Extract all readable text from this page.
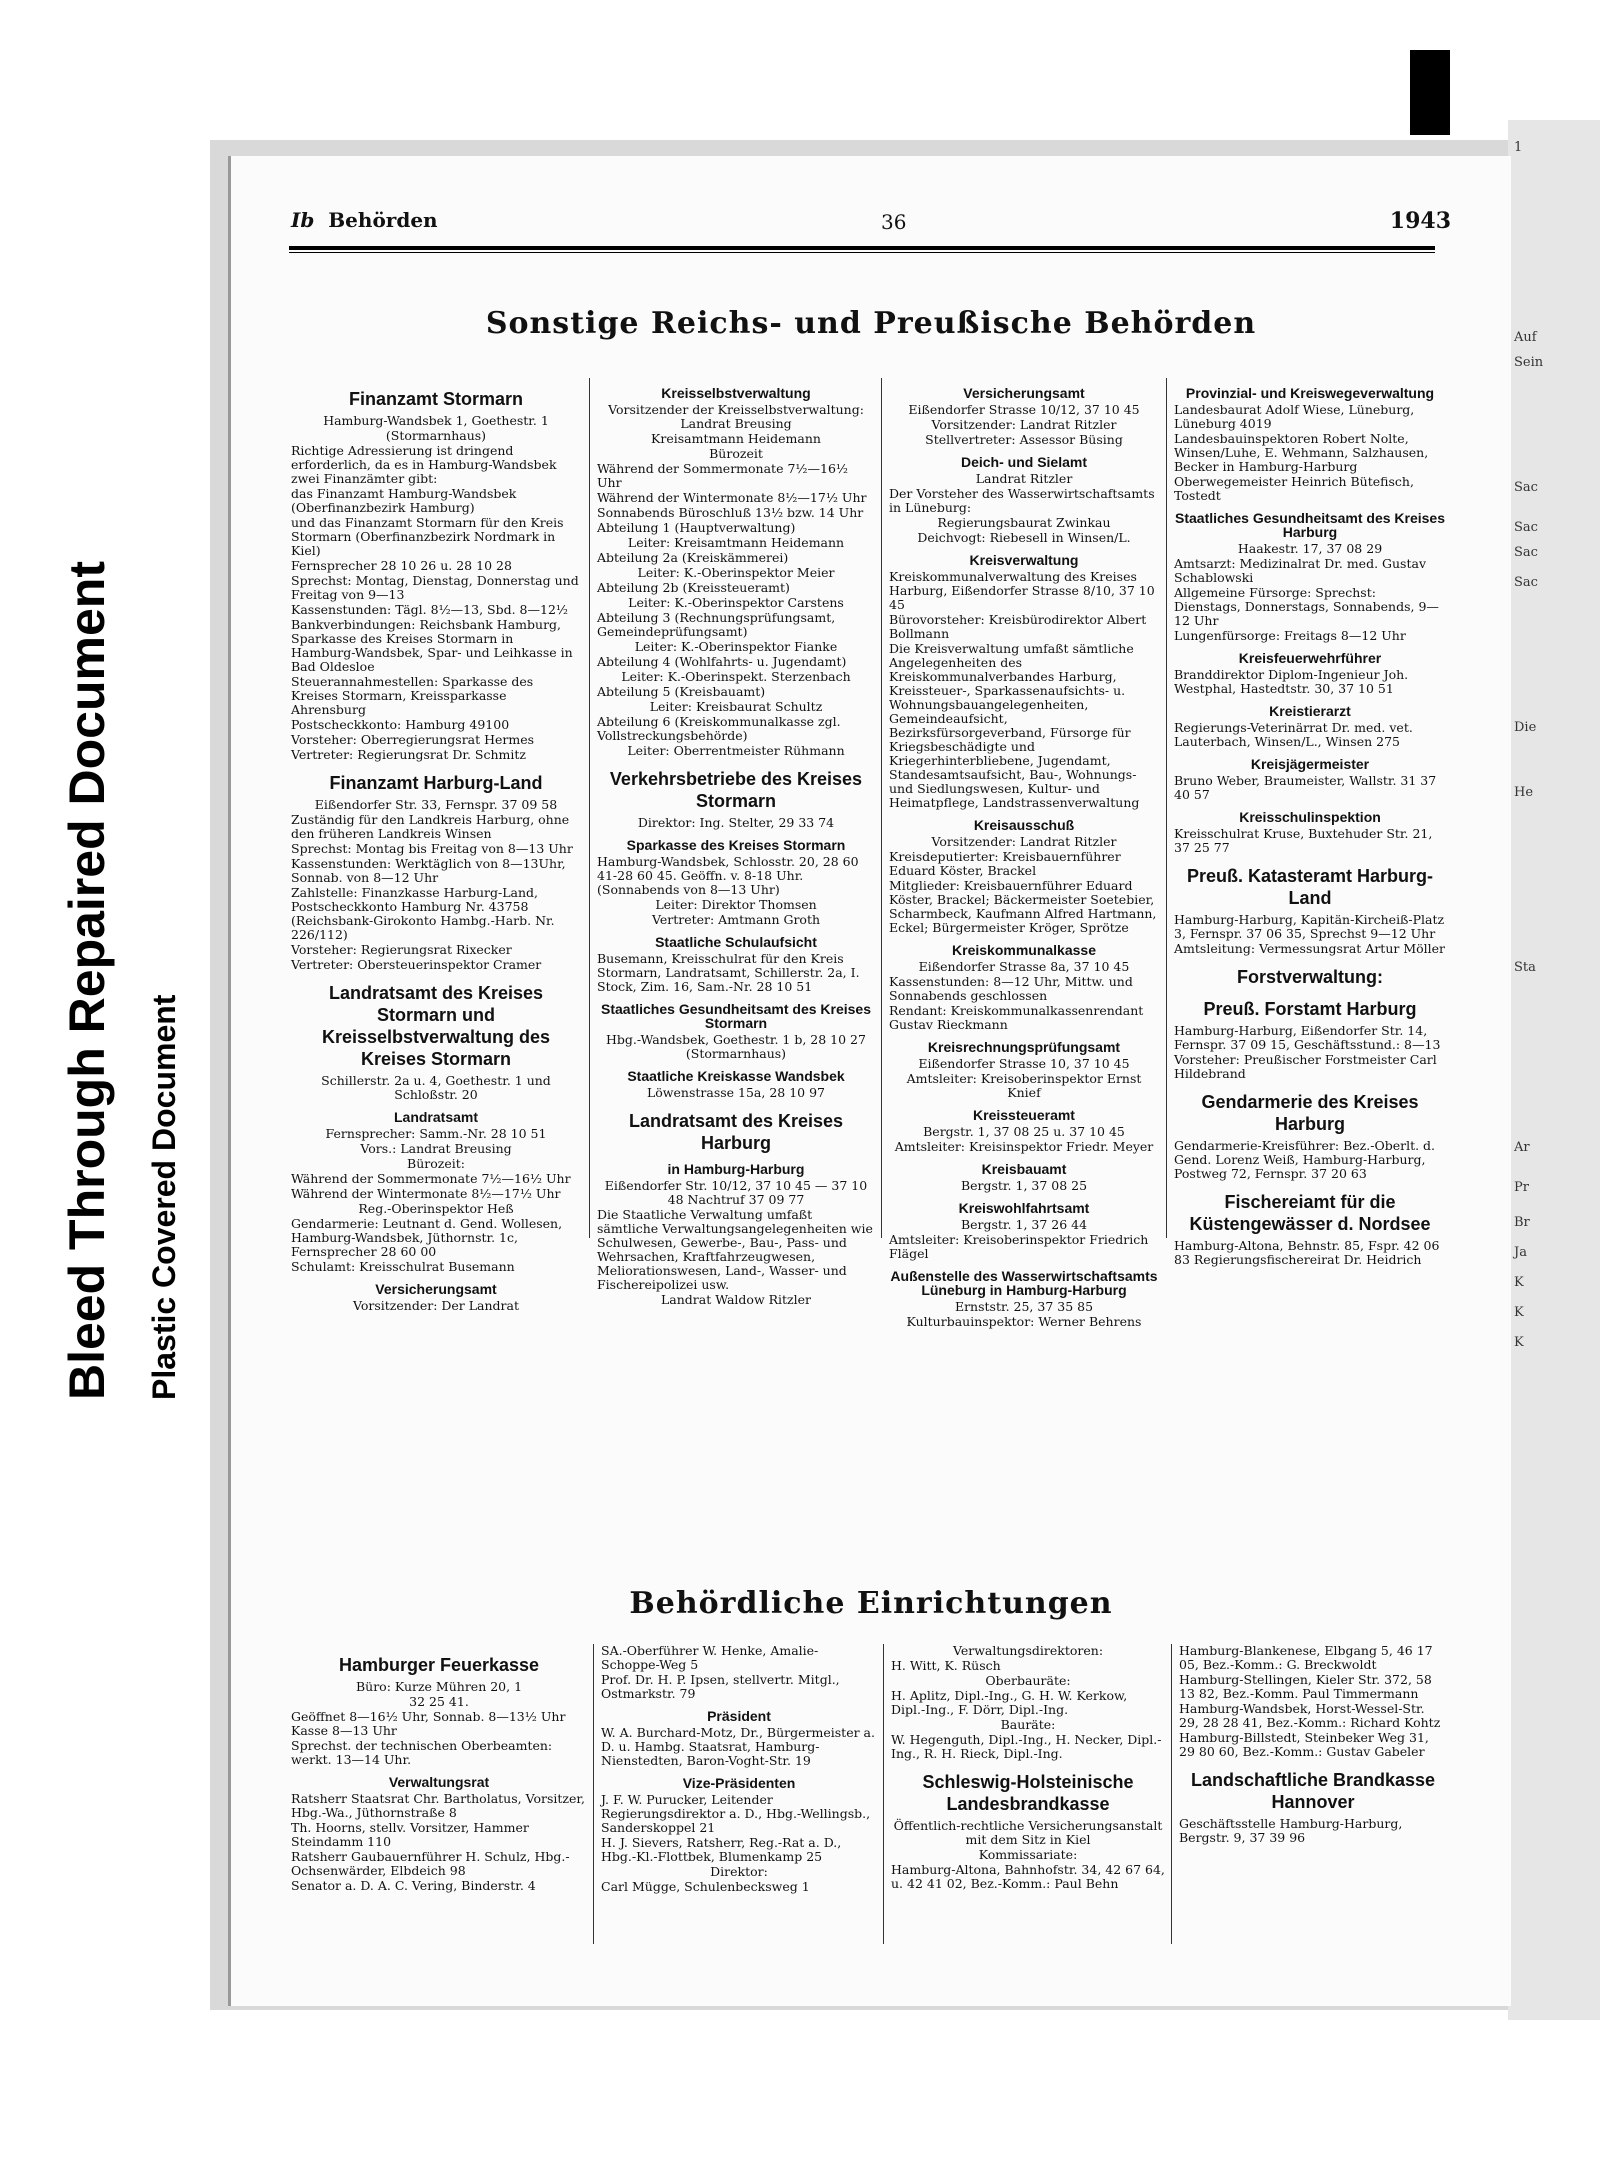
Bleed Through Repaired Document Plastic Covered Document
1
Auf
Sein
Sac
Sac
Sac
Sac
Die
He
Sta
Ar
Pr
Br
Ja
K
K
K
Ib Behörden	36	1943
Sonstige Reichs- und Preußische Behörden

Finanzamt Stormarn

Hamburg-Wandsbek 1, Goethestr. 1

(Stormarnhaus)

Richtige Adressierung ist dringend erforderlich, da es in Hamburg-Wandsbek zwei Finanzämter gibt:

das Finanzamt Hamburg-Wandsbek (Oberfinanzbezirk Hamburg)

und das Finanzamt Stormarn für den Kreis Stormarn (Oberfinanzbezirk Nordmark in Kiel)

Fernsprecher 28 10 26 u. 28 10 28

Sprechst: Montag, Dienstag, Donnerstag und Freitag von 9—13

Kassenstunden: Tägl. 8½—13, Sbd. 8—12½

Bankverbindungen: Reichsbank Hamburg, Sparkasse des Kreises Stormarn in Hamburg-Wandsbek, Spar- und Leihkasse in Bad Oldesloe

Steuerannahmestellen: Sparkasse des Kreises Stormarn, Kreissparkasse Ahrensburg

Postscheckkonto: Hamburg 49100

Vorsteher: Oberregierungsrat Hermes

Vertreter: Regierungsrat Dr. Schmitz

Finanzamt Harburg-Land

Eißendorfer Str. 33, Fernspr. 37 09 58

Zuständig für den Landkreis Harburg, ohne den früheren Landkreis Winsen

Sprechst: Montag bis Freitag von 8—13 Uhr

Kassenstunden: Werktäglich von 8—13Uhr, Sonnab. von 8—12 Uhr

Zahlstelle: Finanzkasse Harburg-Land, Postscheckkonto Hamburg Nr. 43758 (Reichsbank-Girokonto Hambg.-Harb. Nr. 226/112)

Vorsteher: Regierungsrat Rixecker

Vertreter: Obersteuerinspektor Cramer

Landratsamt des Kreises Stormarn und Kreisselbstverwaltung des Kreises Stormarn

Schillerstr. 2a u. 4, Goethestr. 1 und Schloßstr. 20

Landratsamt

Fernsprecher: Samm.-Nr. 28 10 51

Vors.: Landrat Breusing

Bürozeit:

Während der Sommermonate 7½—16½ Uhr

Während der Wintermonate 8½—17½ Uhr

Reg.-Oberinspektor Heß

Gendarmerie: Leutnant d. Gend. Wollesen, Hamburg-Wandsbek, Jüthornstr. 1c, Fernsprecher 28 60 00

Schulamt: Kreisschulrat Busemann

Versicherungsamt

Vorsitzender: Der Landrat

Kreisselbstverwaltung

Vorsitzender der Kreisselbstverwaltung: Landrat Breusing

Kreisamtmann Heidemann

Bürozeit

Während der Sommermonate 7½—16½ Uhr

Während der Wintermonate 8½—17½ Uhr

Sonnabends Büroschluß 13½ bzw. 14 Uhr

Abteilung 1 (Hauptverwaltung)

Leiter: Kreisamtmann Heidemann

Abteilung 2a (Kreiskämmerei)

Leiter: K.-Oberinspektor Meier

Abteilung 2b (Kreissteueramt)

Leiter: K.-Oberinspektor Carstens

Abteilung 3 (Rechnungsprüfungsamt, Gemeindeprüfungsamt)

Leiter: K.-Oberinspektor Fianke

Abteilung 4 (Wohlfahrts- u. Jugendamt)

Leiter: K.-Oberinspekt. Sterzenbach

Abteilung 5 (Kreisbauamt)

Leiter: Kreisbaurat Schultz

Abteilung 6 (Kreiskommunalkasse zgl. Vollstreckungsbehörde)

Leiter: Oberrentmeister Rühmann

Verkehrsbetriebe des Kreises Stormarn

Direktor: Ing. Stelter, 29 33 74

Sparkasse des Kreises Stormarn

Hamburg-Wandsbek, Schlosstr. 20, 28 60 41-28 60 45. Geöffn. v. 8-18 Uhr. (Sonnabends von 8—13 Uhr)

Leiter: Direktor Thomsen

Vertreter: Amtmann Groth

Staatliche Schulaufsicht

Busemann, Kreisschulrat für den Kreis Stormarn, Landratsamt, Schillerstr. 2a, I. Stock, Zim. 16, Sam.-Nr. 28 10 51

Staatliches Gesundheitsamt des Kreises Stormarn

Hbg.-Wandsbek, Goethestr. 1 b, 28 10 27 (Stormarnhaus)

Staatliche Kreiskasse Wandsbek

Löwenstrasse 15a, 28 10 97

Landratsamt des Kreises Harburg

in Hamburg-Harburg

Eißendorfer Str. 10/12, 37 10 45 — 37 10 48 Nachtruf 37 09 77

Die Staatliche Verwaltung umfaßt sämtliche Verwaltungsangelegenheiten wie Schulwesen, Gewerbe-, Bau-, Pass- und Wehrsachen, Kraftfahrzeugwesen, Meliorationswesen, Land-, Wasser- und Fischereipolizei usw.

Landrat Waldow Ritzler

Versicherungsamt

Eißendorfer Strasse 10/12, 37 10 45

Vorsitzender: Landrat Ritzler

Stellvertreter: Assessor Büsing

Deich- und Sielamt

Landrat Ritzler

Der Vorsteher des Wasserwirtschaftsamts in Lüneburg:

Regierungsbaurat Zwinkau

Deichvogt: Riebesell in Winsen/L.

Kreisverwaltung

Kreiskommunalverwaltung des Kreises Harburg, Eißendorfer Strasse 8/10, 37 10 45

Bürovorsteher: Kreisbürodirektor Albert Bollmann

Die Kreisverwaltung umfaßt sämtliche Angelegenheiten des Kreiskommunalverbandes Harburg, Kreissteuer-, Sparkassenaufsichts- u. Wohnungsbauangelegenheiten, Gemeindeaufsicht, Bezirksfürsorgeverband, Fürsorge für Kriegsbeschädigte und Kriegerhinterbliebene, Jugendamt, Standesamtsaufsicht, Bau-, Wohnungs- und Siedlungswesen, Kultur- und Heimatpflege, Landstrassenverwaltung

Kreisausschuß

Vorsitzender: Landrat Ritzler

Kreisdeputierter: Kreisbauernführer Eduard Köster, Brackel

Mitglieder: Kreisbauernführer Eduard Köster, Brackel; Bäckermeister Soetebier, Scharmbeck, Kaufmann Alfred Hartmann, Eckel; Bürgermeister Kröger, Sprötze

Kreiskommunalkasse

Eißendorfer Strasse 8a, 37 10 45

Kassenstunden: 8—12 Uhr, Mittw. und Sonnabends geschlossen

Rendant: Kreiskommunalkassenrendant Gustav Rieckmann

Kreisrechnungsprüfungsamt

Eißendorfer Strasse 10, 37 10 45

Amtsleiter: Kreisoberinspektor Ernst Knief

Kreissteueramt

Bergstr. 1, 37 08 25 u. 37 10 45

Amtsleiter: Kreisinspektor Friedr. Meyer

Kreisbauamt

Bergstr. 1, 37 08 25

Kreiswohlfahrtsamt

Bergstr. 1, 37 26 44

Amtsleiter: Kreisoberinspektor Friedrich Flägel

Außenstelle des Wasserwirtschaftsamts Lüneburg in Hamburg-Harburg

Ernststr. 25, 37 35 85

Kulturbauinspektor: Werner Behrens

Provinzial- und Kreiswegeverwaltung

Landesbaurat Adolf Wiese, Lüneburg, Lüneburg 4019

Landesbauinspektoren Robert Nolte, Winsen/Luhe, E. Wehmann, Salzhausen, Becker in Hamburg-Harburg

Oberwegemeister Heinrich Bütefisch, Tostedt

Staatliches Gesundheitsamt des Kreises Harburg

Haakestr. 17, 37 08 29

Amtsarzt: Medizinalrat Dr. med. Gustav Schablowski

Allgemeine Fürsorge: Sprechst: Dienstags, Donnerstags, Sonnabends, 9—12 Uhr

Lungenfürsorge: Freitags 8—12 Uhr

Kreisfeuerwehrführer

Branddirektor Diplom-Ingenieur Joh. Westphal, Hastedtstr. 30, 37 10 51

Kreistierarzt

Regierungs-Veterinärrat Dr. med. vet. Lauterbach, Winsen/L., Winsen 275

Kreisjägermeister

Bruno Weber, Braumeister, Wallstr. 31 37 40 57

Kreisschulinspektion

Kreisschulrat Kruse, Buxtehuder Str. 21, 37 25 77

Preuß. Katasteramt Harburg-Land

Hamburg-Harburg, Kapitän-Kircheiß-Platz 3, Fernspr. 37 06 35, Sprechst 9—12 Uhr

Amtsleitung: Vermessungsrat Artur Möller

Forstverwaltung:

Preuß. Forstamt Harburg

Hamburg-Harburg, Eißendorfer Str. 14, Fernspr. 37 09 15, Geschäftsstund.: 8—13

Vorsteher: Preußischer Forstmeister Carl Hildebrand

Gendarmerie des Kreises Harburg

Gendarmerie-Kreisführer: Bez.-Oberlt. d. Gend. Lorenz Weiß, Hamburg-Harburg, Postweg 72, Fernspr. 37 20 63

Fischereiamt für die Küstengewässer d. Nordsee

Hamburg-Altona, Behnstr. 85, Fspr. 42 06 83 Regierungsfischereirat Dr. Heidrich

Behördliche Einrichtungen

Hamburger Feuerkasse

Büro: Kurze Mühren 20, 1

32 25 41.

Geöffnet 8—16½ Uhr, Sonnab. 8—13½ Uhr Kasse 8—13 Uhr

Sprechst. der technischen Oberbeamten: werkt. 13—14 Uhr.

Verwaltungsrat

Ratsherr Staatsrat Chr. Bartholatus, Vorsitzer, Hbg.-Wa., Jüthornstraße 8

Th. Hoorns, stellv. Vorsitzer, Hammer Steindamm 110

Ratsherr Gaubauernführer H. Schulz, Hbg.-Ochsenwärder, Elbdeich 98

Senator a. D. A. C. Vering, Binderstr. 4

SA.-Oberführer W. Henke, Amalie-Schoppe-Weg 5

Prof. Dr. H. P. Ipsen, stellvertr. Mitgl., Ostmarkstr. 79

Präsident

W. A. Burchard-Motz, Dr., Bürgermeister a. D. u. Hambg. Staatsrat, Hamburg-Nienstedten, Baron-Voght-Str. 19

Vize-Präsidenten

J. F. W. Purucker, Leitender Regierungsdirektor a. D., Hbg.-Wellingsb., Sanderskoppel 21

H. J. Sievers, Ratsherr, Reg.-Rat a. D., Hbg.-Kl.-Flottbek, Blumenkamp 25

Direktor:

Carl Mügge, Schulenbecksweg 1

Verwaltungsdirektoren:

H. Witt, K. Rüsch

Oberbauräte:

H. Aplitz, Dipl.-Ing., G. H. W. Kerkow, Dipl.-Ing., F. Dörr, Dipl.-Ing.

Bauräte:

W. Hegenguth, Dipl.-Ing., H. Necker, Dipl.-Ing., R. H. Rieck, Dipl.-Ing.

Schleswig-Holsteinische Landesbrandkasse

Öffentlich-rechtliche Versicherungsanstalt mit dem Sitz in Kiel

Kommissariate:

Hamburg-Altona, Bahnhofstr. 34, 42 67 64, u. 42 41 02, Bez.-Komm.: Paul Behn

Hamburg-Blankenese, Elbgang 5, 46 17 05, Bez.-Komm.: G. Breckwoldt

Hamburg-Stellingen, Kieler Str. 372, 58 13 82, Bez.-Komm. Paul Timmermann

Hamburg-Wandsbek, Horst-Wessel-Str. 29, 28 28 41, Bez.-Komm.: Richard Kohtz

Hamburg-Billstedt, Steinbeker Weg 31, 29 80 60, Bez.-Komm.: Gustav Gabeler

Landschaftliche Brandkasse Hannover

Geschäftsstelle Hamburg-Harburg, Bergstr. 9, 37 39 96
